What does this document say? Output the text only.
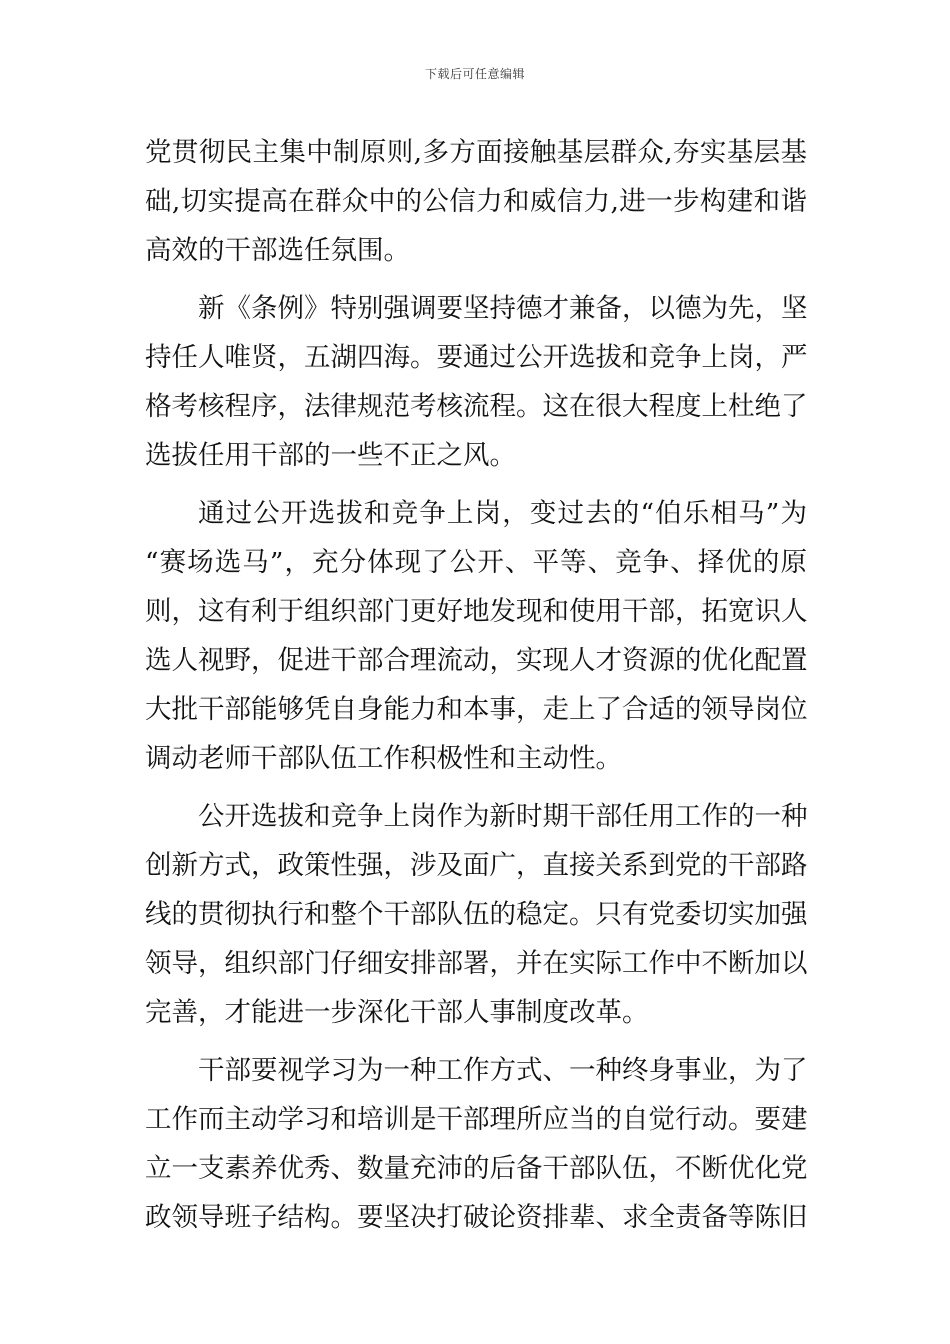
下载后可任意编辑
党贯彻民主集中制原则,多方面接触基层群众,夯实基层基
础,切实提高在群众中的公信力和威信力,进一步构建和谐
高效的干部选任氛围。
新《条例》特别强调要坚持德才兼备，以德为先，坚
持任人唯贤，五湖四海。要通过公开选拔和竞争上岗，严
格考核程序，法律规范考核流程。这在很大程度上杜绝了
选拔任用干部的一些不正之风。
通过公开选拔和竞争上岗，变过去的“伯乐相马”为
“赛场选马”，充分体现了公开、平等、竞争、择优的原
则，这有利于组织部门更好地发现和使用干部，拓宽识人
选人视野，促进干部合理流动，实现人才资源的优化配置
大批干部能够凭自身能力和本事，走上了合适的领导岗位
调动老师干部队伍工作积极性和主动性。
公开选拔和竞争上岗作为新时期干部任用工作的一种
创新方式，政策性强，涉及面广，直接关系到党的干部路
线的贯彻执行和整个干部队伍的稳定。只有党委切实加强
领导，组织部门仔细安排部署，并在实际工作中不断加以
完善，才能进一步深化干部人事制度改革。
干部要视学习为一种工作方式、一种终身事业，为了
工作而主动学习和培训是干部理所应当的自觉行动。要建
立一支素养优秀、数量充沛的后备干部队伍，不断优化党
政领导班子结构。要坚决打破论资排辈、求全责备等陈旧
